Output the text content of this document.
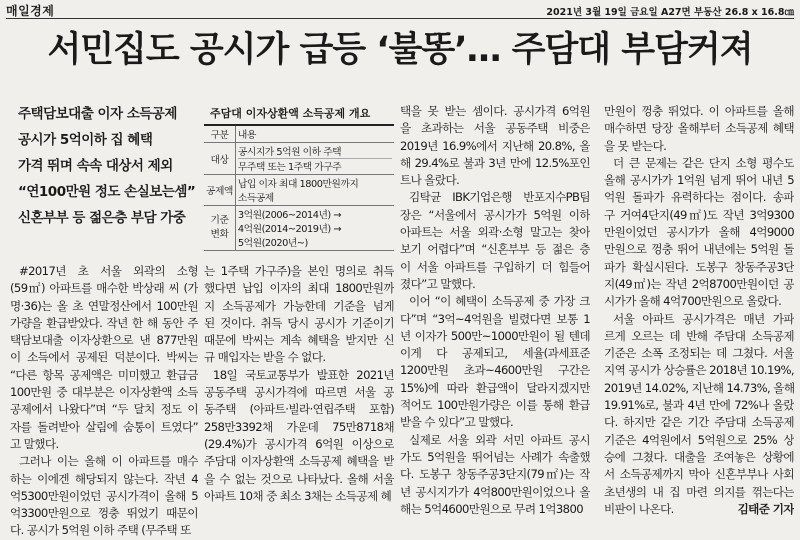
매일경제	2021년 3월 19일 금요일 A27면 부동산 26.8 x 16.8㎝
서민집도 공시가 급등 ‘불똥’… 주담대 부담커져
주택담보대출 이자 소득공제
공시가 5억이하 집 혜택
가격 뛰며 속속 대상서 제외
“연100만원 정도 손실보는셈”
신혼부부 등 젊은층 부담 가중
주담대 이자상환액 소득공제 개요
구분	내용

대상	공시지가 5억원 이하 주택
무주택 또는 1주택 가구주

공제액	납입 이자 최대 1800만원까지
소득공제

기준 변화	3억원(2006~2014년) →
4억원(2014~2019년) →
5억원(2020년~)
#2017년 초 서울 외곽의 소형
(59㎡) 아파트를 매수한 박상래 씨 (가
명·36)는 올 초 연말정산에서 100만원
가량을 환급받았다. 작년 한 해 동안 주
택담보대출 이자상환으로 낸 877만원
이 소득에서 공제된 덕분이다. 박씨는
“다른 항목 공제액은 미미했고 환급금
100만원 중 대부분은 이자상환액 소득
공제에서 나왔다”며 “두 달치 정도 이
자를 돌려받아 살림에 숨통이 트였다”
고 말했다.
그러나 이는 올해 이 아파트를 매수
하는 이에겐 해당되지 않는다. 작년 4
억5300만원이었던 공시가격이 올해 5
억3300만원으로 껑충 뛰었기 때문이
다. 공시가 5억원 이하 주택 (무주택 또
는 1주택 가구주)을 본인 명의로 취득
했다면 납입 이자의 최대 1800만원까
지 소득공제가 가능한데 기준을 넘게
된 것이다. 취득 당시 공시가 기준이기
때문에 박씨는 계속 혜택을 받지만 신
규 매입자는 받을 수 없다.
18일 국토교통부가 발표한 2021년
공동주택 공시가격에 따르면 서울 공
동주택 (아파트·빌라·연립주택 포함)
258만3392채 가운데 75만8718채
(29.4%)가 공시가격 6억원 이상으로
주담대 이자상환액 소득공제 혜택을 받
을 수 없는 것으로 나타났다. 올해 서울
아파트 10채 중 최소 3채는 소득공제 혜
택을 못 받는 셈이다. 공시가격 6억원
을 초과하는 서울 공동주택 비중은
2019년 16.9%에서 지난해 20.8%, 올
해 29.4%로 불과 3년 만에 12.5%포인
트나 올랐다.
김탁균 IBK기업은행 반포지수PB팀
장은 “서울에서 공시가가 5억원 이하
아파트는 서울 외곽·소형 말고는 찾아
보기 어렵다”며 “신혼부부 등 젊은 층
이 서울 아파트를 구입하기 더 힘들어
졌다”고 말했다.
이어 “이 혜택이 소득공제 중 가장 크
다”며 “3억~4억원을 빌렸다면 보통 1
년 이자가 500만~1000만원이 될 텐데
이게 다 공제되고, 세율(과세표준
1200만원 초과~4600만원 구간은
15%)에 따라 환급액이 달라지겠지만
적어도 100만원가량은 이를 통해 환급
받을 수 있다”고 말했다.
실제로 서울 외곽 서민 아파트 공시
가도 5억원을 뛰어넘는 사례가 속출했
다. 도봉구 창동주공3단지(79㎡)는 작
년 공시지가가 4억800만원이었으나 올
해는 5억4600만원으로 무려 1억3800
만원이 껑충 뛰었다. 이 아파트를 올해
매수하면 당장 올해부터 소득공제 혜택
을 못 받는다.
더 큰 문제는 같은 단지 소형 평수도
올해 공시가가 1억원 넘게 뛰어 내년 5
억원 돌파가 유력하다는 점이다. 송파
구 거여4단지(49㎡)도 작년 3억9300
만원이었던 공시가가 올해 4억9000
만원으로 껑충 뛰어 내년에는 5억원 돌
파가 확실시된다. 도봉구 창동주공3단
지(49㎡)는 작년 2억8700만원이던 공
시가가 올해 4억700만원으로 올랐다.
서울 아파트 공시가격은 매년 가파
르게 오르는 데 반해 주담대 소득공제
기준은 소폭 조정되는 데 그쳤다. 서울
지역 공시가 상승률은 2018년 10.19%,
2019년 14.02%, 지난해 14.73%, 올해
19.91%로, 불과 4년 만에 72%나 올랐
다. 하지만 같은 기간 주담대 소득공제
기준은 4억원에서 5억원으로 25% 상
승에 그쳤다. 대출을 조여놓은 상황에
서 소득공제까지 막아 신혼부부나 사회
초년생의 내 집 마련 의지를 꺾는다는
비판이 나온다.	김태준 기자
